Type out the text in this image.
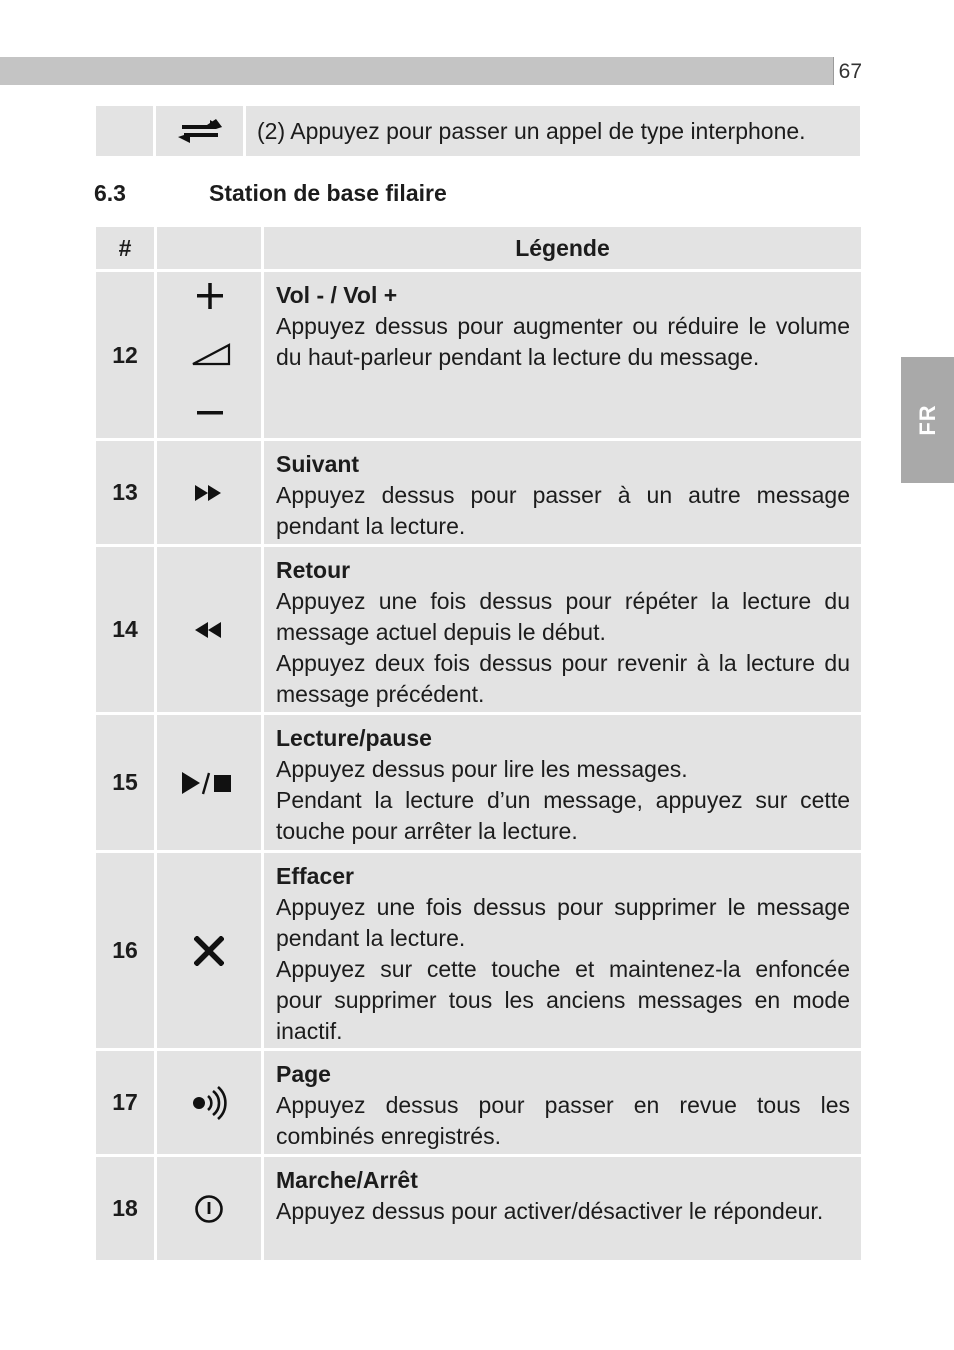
67
FR
(2) Appuyez pour passer un appel de type interphone.
6.3	Station de base filaire
#	Légende
12
Vol - / Vol +
Appuyez dessus pour augmenter ou réduire le volume du haut-parleur pendant la lecture du message.
13
Suivant
Appuyez dessus pour passer à un autre message pendant la lecture.
14
Retour
Appuyez une fois dessus pour répéter la lecture du message actuel depuis le début.
Appuyez deux fois dessus pour revenir à la lecture du message précédent.
15
Lecture/pause
Appuyez dessus pour lire les messages.
Pendant la lecture d’un message, appuyez sur cette touche pour arrêter la lecture.
16
Effacer
Appuyez une fois dessus pour supprimer le message pendant la lecture.
Appuyez sur cette touche et maintenez-la enfoncée pour supprimer tous les anciens messages en mode inactif.
17
Page
Appuyez dessus pour passer en revue tous les combinés enregistrés.
18
Marche/Arrêt
Appuyez dessus pour activer/désactiver le répondeur.
